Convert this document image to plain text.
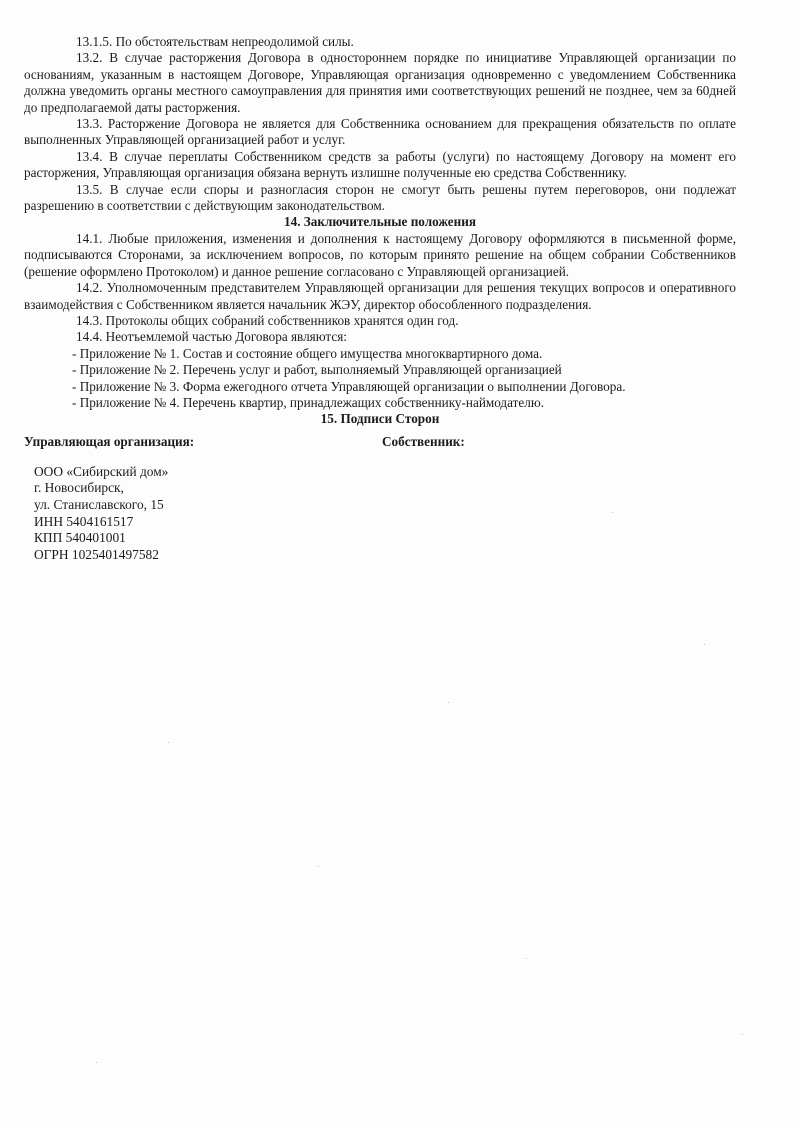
13.1.5. По обстоятельствам непреодолимой силы.

13.2. В случае расторжения Договора в одностороннем порядке по инициативе Управляющей организации по основаниям, указанным в настоящем Договоре, Управляющая организация одновременно с уведомлением Собственника должна уведомить органы местного самоуправления для принятия ими соответствующих решений не позднее, чем за 60дней до предполагаемой даты расторжения.

13.3. Расторжение Договора не является для Собственника основанием для прекращения обязательств по оплате выполненных Управляющей организацией работ и услуг.

13.4. В случае переплаты Собственником средств за работы (услуги) по настоящему Договору на момент его расторжения, Управляющая организация обязана вернуть излишне полученные ею средства Собственнику.

13.5. В случае если споры и разногласия сторон не смогут быть решены путем переговоров, они подлежат разрешению в соответствии с действующим законодательством.

14. Заключительные положения

14.1. Любые приложения, изменения и дополнения к настоящему Договору оформляются в письменной форме, подписываются Сторонами, за исключением вопросов, по которым принято решение на общем собрании Собственников (решение оформлено Протоколом) и данное решение согласовано с Управляющей организацией.

14.2. Уполномоченным представителем Управляющей организации для решения текущих вопросов и оперативного взаимодействия с Собственником является начальник ЖЭУ, директор обособленного подразделения.

14.3. Протоколы общих собраний собственников хранятся один год.

14.4. Неотъемлемой частью Договора являются:

- Приложение № 1. Состав и состояние общего имущества многоквартирного дома.
- Приложение № 2. Перечень услуг и работ, выполняемый Управляющей организацией
- Приложение № 3. Форма ежегодного отчета Управляющей организации о выполнении Договора.
- Приложение № 4. Перечень квартир, принадлежащих собственнику-наймодателю.

15. Подписи Сторон

Управляющая организация:	Собственник:
ООО «Сибирский дом»
г. Новосибирск,
ул. Станиславского, 15
ИНН 5404161517
КПП 540401001
ОГРН 1025401497582
